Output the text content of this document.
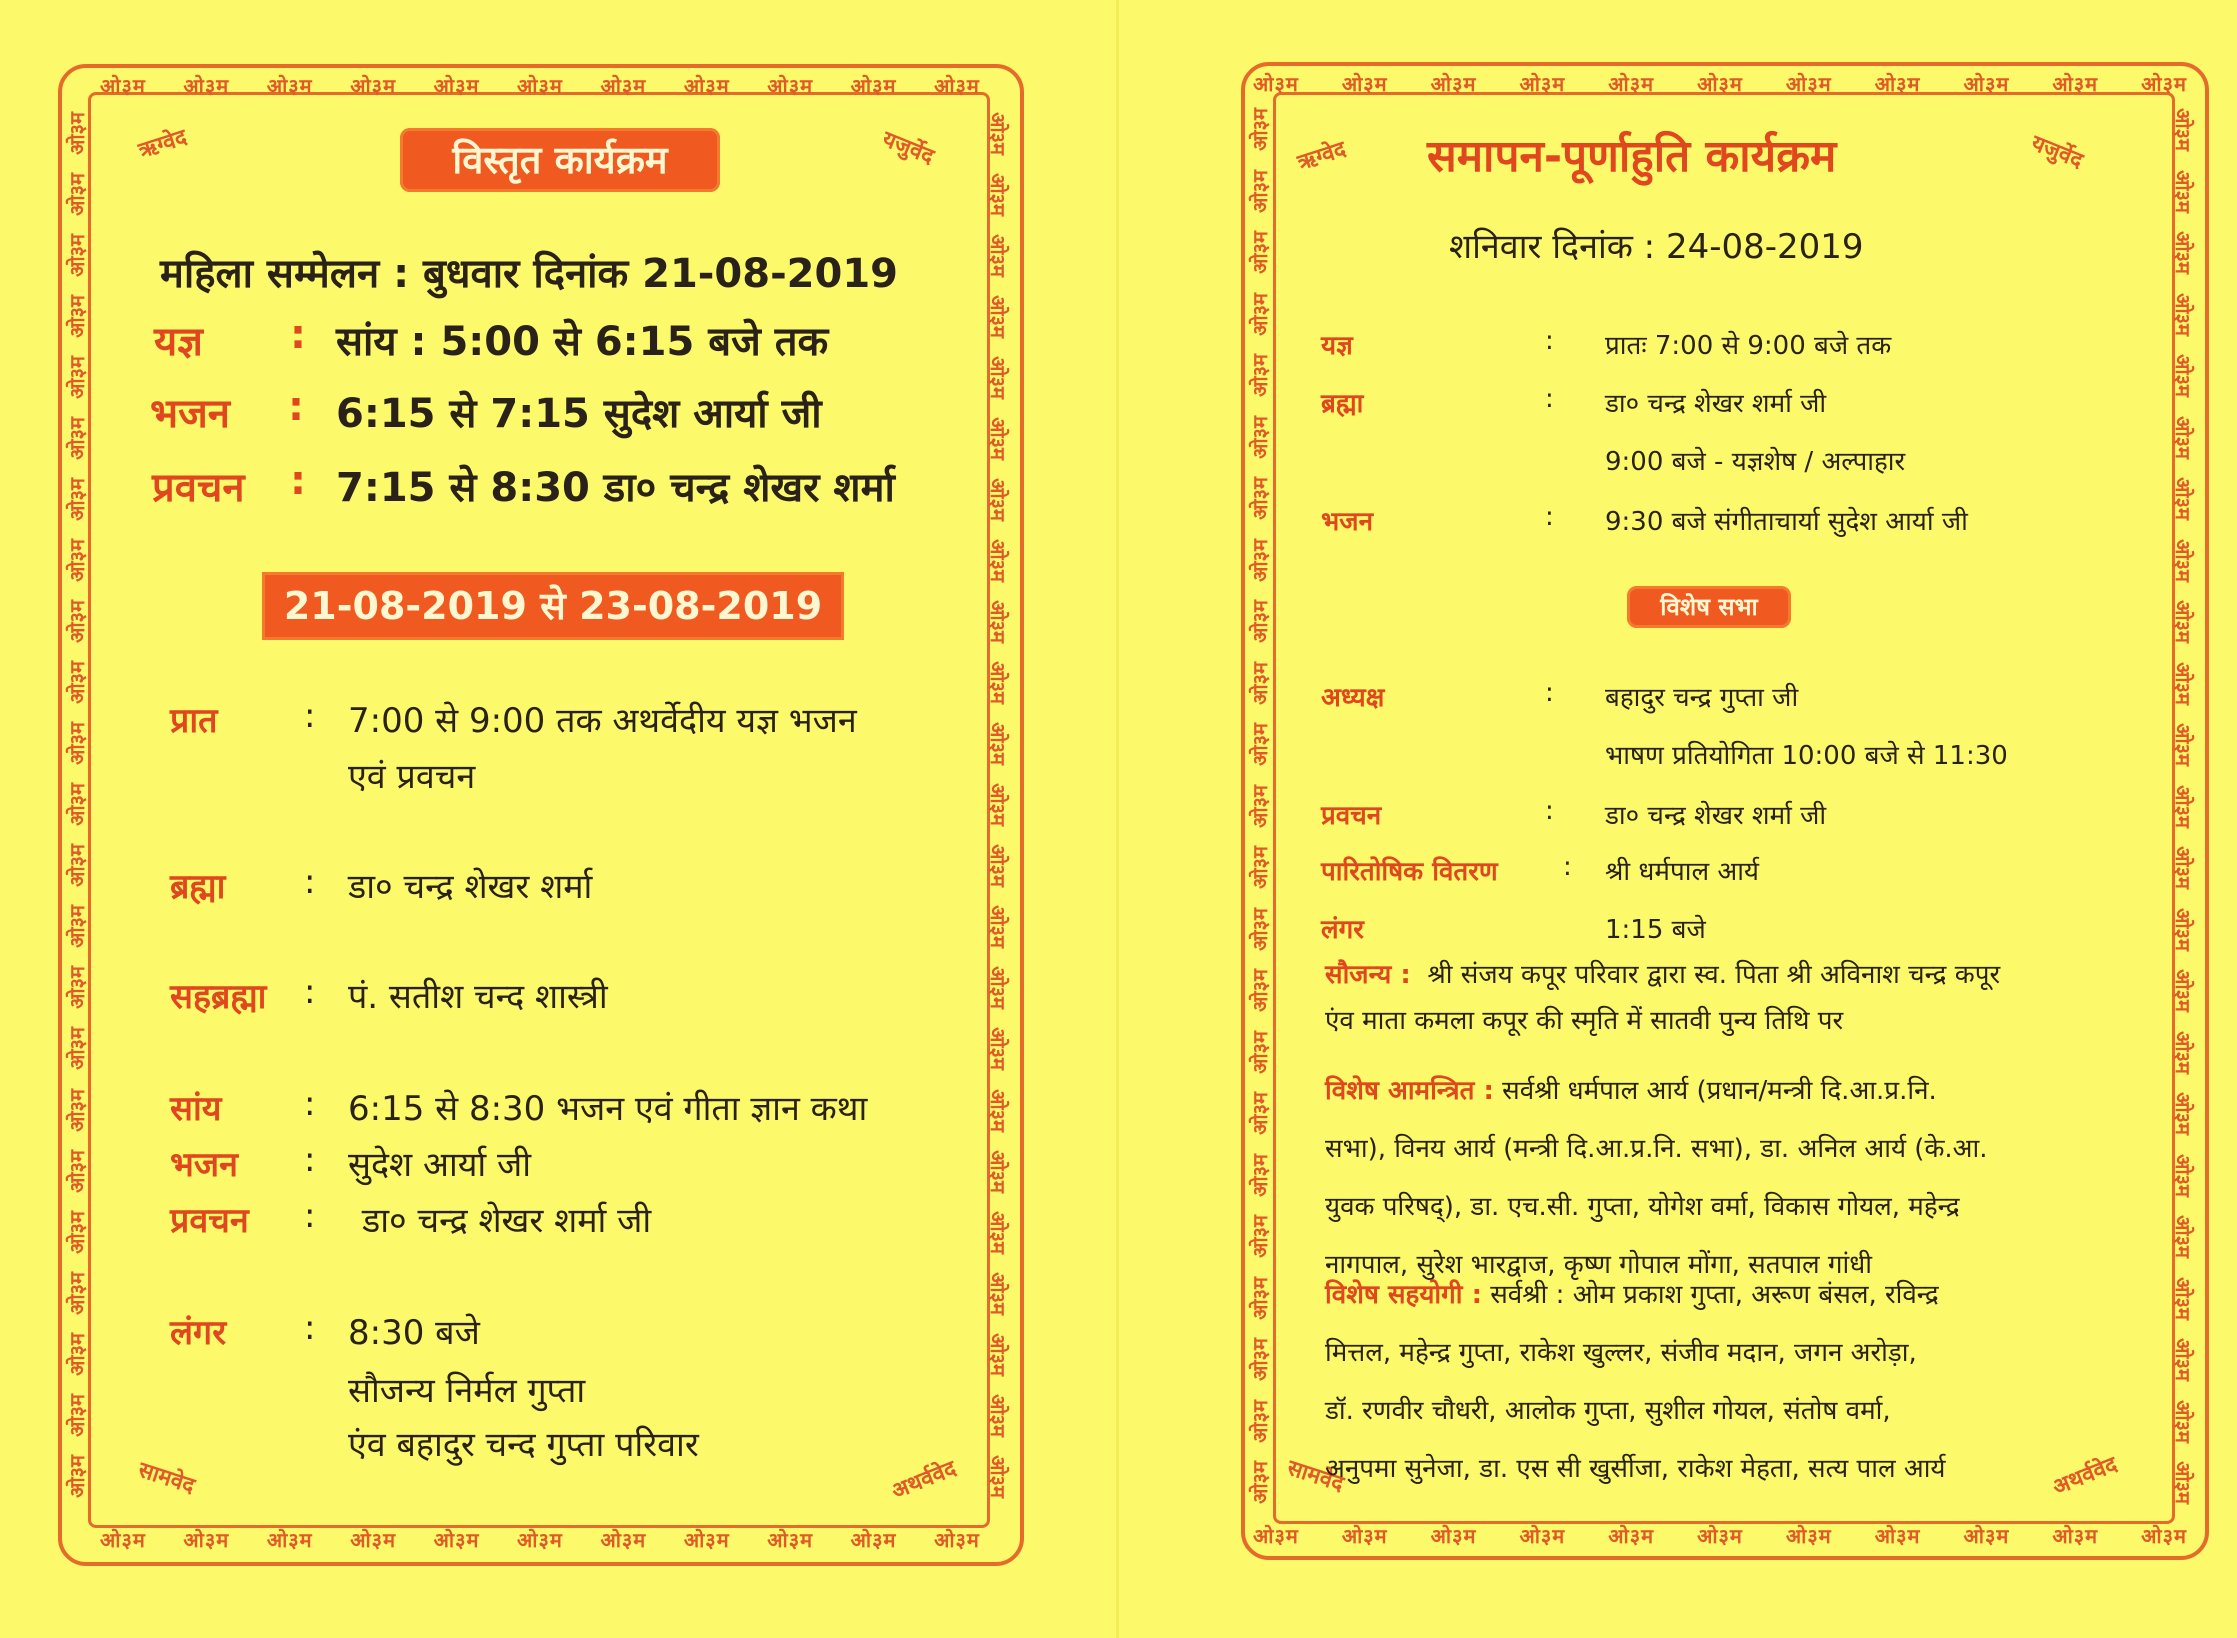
ओ३म ओ३म ओ३म ओ३म ओ३म ओ३म ओ३म ओ३म ओ३म ओ३म ओ३म
ओ३म ओ३म ओ३म ओ३म ओ३म ओ३म ओ३म ओ३म ओ३म ओ३म ओ३म
ओ३म
ओ३म
ओ३म
ओ३म
ओ३म
ओ३म
ओ३म
ओ३म
ओ३म
ओ३म
ओ३म
ओ३म
ओ३म
ओ३म
ओ३म
ओ३म
ओ३म
ओ३म
ओ३म
ओ३म
ओ३म
ओ३म
ओ३म
ओ३म
ओ३म
ओ३म
ओ३म
ओ३म
ओ३म
ओ३म
ओ३म
ओ३म
ओ३म
ओ३म
ओ३म
ओ३म
ओ३म
ओ३म
ओ३म
ओ३म
ओ३म
ओ३म
ओ३म
ओ३म
ओ३म
ओ३म
ऋग्वेद	यजुर्वेद
सामवेद	अथर्ववेद
विस्तृत कार्यक्रम
महिला सम्मेलन : बुधवार दिनांक 21-08-2019
यज्ञ : सांय : 5:00 से 6:15 बजे तक
भजन : 6:15 से 7:15 सुदेश आर्या जी
प्रवचन : 7:15 से 8:30 डा० चन्द्र शेखर शर्मा
21-08-2019 से 23-08-2019
प्रात	: 7:00 से 9:00 तक अथर्वेदीय यज्ञ भजन
एवं प्रवचन
ब्रह्मा : डा० चन्द्र शेखर शर्मा
सहब्रह्मा : पं. सतीश चन्द शास्त्री
सांय : 6:15 से 8:30 भजन एवं गीता ज्ञान कथा
भजन : सुदेश आर्या जी
प्रवचन : डा० चन्द्र शेखर शर्मा जी
लंगर : 8:30 बजे
सौजन्य निर्मल गुप्ता
एंव बहादुर चन्द गुप्ता परिवार
ओ३म ओ३म ओ३म ओ३म ओ३म ओ३म ओ३म ओ३म ओ३म ओ३म ओ३म
ओ३म ओ३म ओ३म ओ३म ओ३म ओ३म ओ३म ओ३म ओ३म ओ३म ओ३म
ओ३म
ओ३म
ओ३म
ओ३म
ओ३म
ओ३म
ओ३म
ओ३म
ओ३म
ओ३म
ओ३म
ओ३म
ओ३म
ओ३म
ओ३म
ओ३म
ओ३म
ओ३म
ओ३म
ओ३म
ओ३म
ओ३म
ओ३म
ओ३म
ओ३म
ओ३म
ओ३म
ओ३म
ओ३म
ओ३म
ओ३म
ओ३म
ओ३म
ओ३म
ओ३म
ओ३म
ओ३म
ओ३म
ओ३म
ओ३म
ओ३म
ओ३म
ओ३म
ओ३म
ओ३म
ओ३म
ऋग्वेद	यजुर्वेद
सामवेद	अथर्ववेद
समापन-पूर्णाहुति कार्यक्रम
शनिवार दिनांक : 24-08-2019
यज्ञ	: प्रातः 7:00 से 9:00 बजे तक
ब्रह्मा	: डा० चन्द्र शेखर शर्मा जी
9:00 बजे - यज्ञशेष / अल्पाहार
भजन	: 9:30 बजे संगीताचार्या सुदेश आर्या जी
विशेष सभा
अध्यक्ष	: बहादुर चन्द्र गुप्ता जी
भाषण प्रतियोगिता 10:00 बजे से 11:30
प्रवचन	: डा० चन्द्र शेखर शर्मा जी
पारितोषिक वितरण	: श्री धर्मपाल आर्य
लंगर	1:15 बजे
सौजन्य : श्री संजय कपूर परिवार द्वारा स्व. पिता श्री अविनाश चन्द्र कपूर
एंव माता कमला कपूर की स्मृति में सातवी पुन्य तिथि पर
विशेष आमन्त्रित : सर्वश्री धर्मपाल आर्य (प्रधान/मन्त्री दि.आ.प्र.नि.
सभा), विनय आर्य (मन्त्री दि.आ.प्र.नि. सभा), डा. अनिल आर्य (के.आ.
युवक परिषद्), डा. एच.सी. गुप्ता, योगेश वर्मा, विकास गोयल, महेन्द्र
नागपाल, सुरेश भारद्वाज, कृष्ण गोपाल मोंगा, सतपाल गांधी
विशेष सहयोगी : सर्वश्री : ओम प्रकाश गुप्ता, अरूण बंसल, रविन्द्र
मित्तल, महेन्द्र गुप्ता, राकेश खुल्लर, संजीव मदान, जगन अरोड़ा,
डॉ. रणवीर चौधरी, आलोक गुप्ता, सुशील गोयल, संतोष वर्मा,
अनुपमा सुनेजा, डा. एस सी खुर्सीजा, राकेश मेहता, सत्य पाल आर्य
